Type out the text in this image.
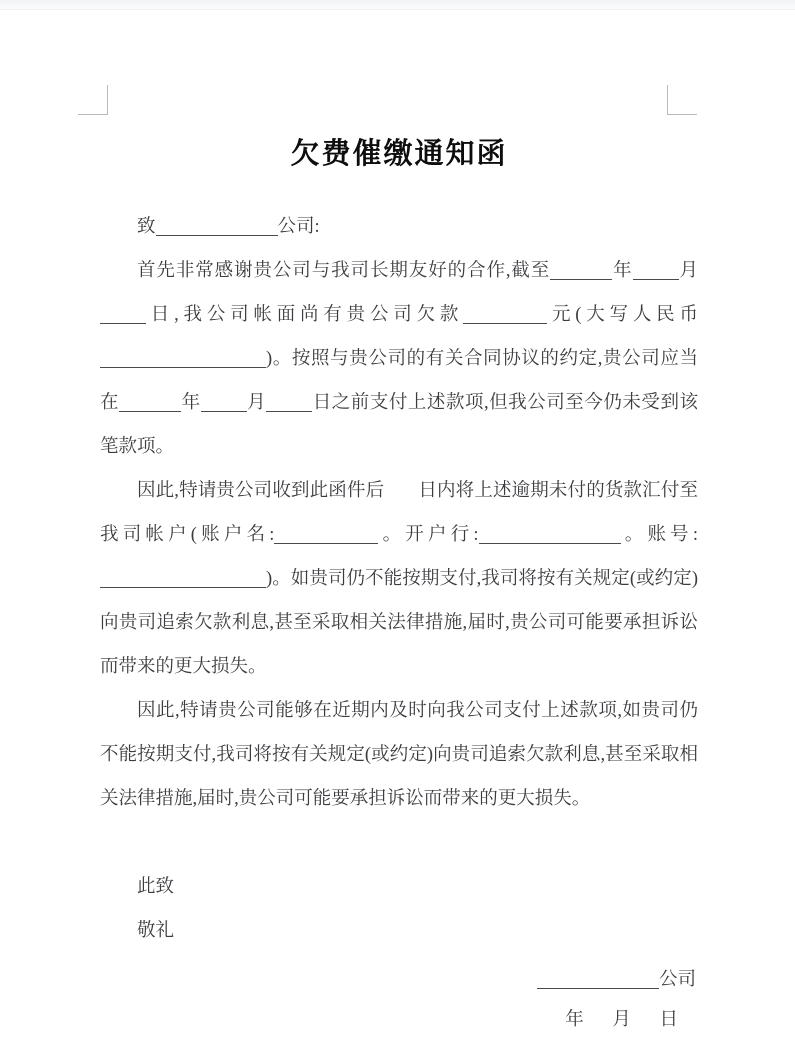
欠费催缴通知函

致	公司:

首先非常感谢贵公司与我司长期友好的合作,截至	年 月日,我公司帐面尚有贵公司欠款	元(大写人民币)。按照与贵公司的有关合同协议的约定,贵公司应当在	年 月 日之前支付上述款项,但我公司至今仍未受到该笔款项。

因此,特请贵公司收到此函件后 日内将上述逾期未付的货款汇付至我司帐户(账户名:	。开户行:	。账号:)。如贵司仍不能按期支付,我司将按有关规定(或约定)向贵司追索欠款利息,甚至采取相关法律措施,届时,贵公司可能要承担诉讼而带来的更大损失。

因此,特请贵公司能够在近期内及时向我公司支付上述款项,如贵司仍不能按期支付,我司将按有关规定(或约定)向贵司追索欠款利息,甚至采取相关法律措施,届时,贵公司可能要承担诉讼而带来的更大损失。

此致
敬礼
公司
年 月 日
